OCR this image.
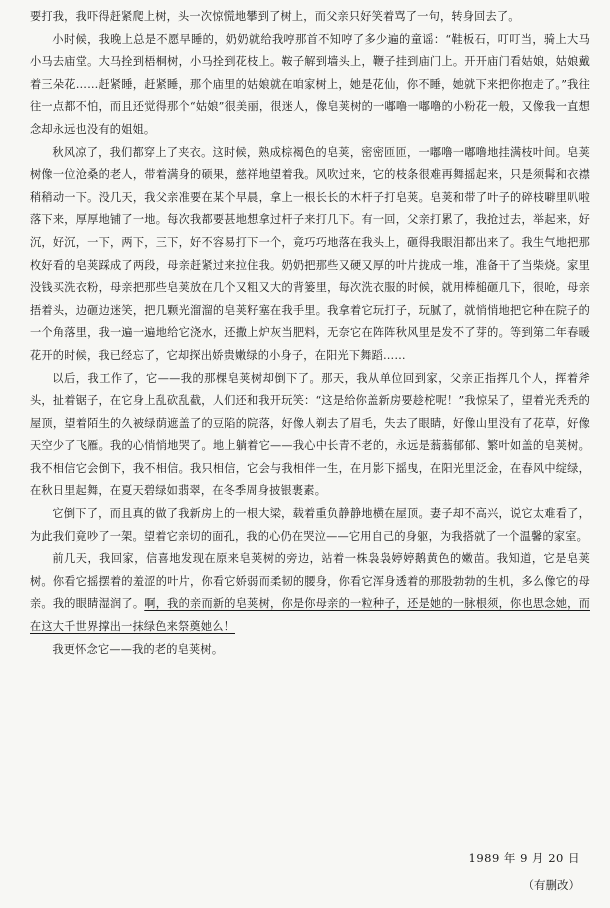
要打我，我吓得赶紧爬上树，头一次惊慌地攀到了树上，而父亲只好笑着骂了一句，转身回去了。

小时候，我晚上总是不愿早睡的，奶奶就给我哼那首不知哼了多少遍的童谣：“鞋板石，叮叮当，骑上大马小马去庙堂。大马拴到梧桐树，小马拴到花枝上。鞍子解到墙头上，鞭子挂到庙门上。开开庙门看姑娘，姑娘戴着三朵花……赶紧睡，赶紧睡，那个庙里的姑娘就在咱家树上，她是花仙，你不睡，她就下来把你抱走了。”我往往一点都不怕，而且还觉得那个“姑娘”很美丽，很迷人，像皂荚树的一嘟噜一嘟噜的小粉花一般，又像我一直想念却永远也没有的姐姐。

秋风凉了，我们都穿上了夹衣。这时候，熟成棕褐色的皂荚，密密匝匝，一嘟噜一嘟噜地挂满枝叶间。皂荚树像一位沧桑的老人，带着满身的硕果，慈祥地望着我。风吹过来，它的枝条很难再舞摇起来，只是须髯和衣襟稍稍动一下。没几天，我父亲准要在某个早晨，拿上一根长长的木杆子打皂荚。皂荚和带了叶子的碎枝噼里叭啦落下来，厚厚地铺了一地。每次我都要甚地想拿过杆子来打几下。有一回，父亲打累了，我抢过去，举起来，好沉，好沉，一下，两下，三下，好不容易打下一个，竟巧巧地落在我头上，砸得我眼泪都出来了。我生气地把那枚好看的皂荚踩成了两段，母亲赶紧过来拉住我。奶奶把那些又硬又厚的叶片拢成一堆，准备干了当柴烧。家里没钱买洗衣粉，母亲把那些皂荚放在几个又粗又大的背篓里，每次洗衣服的时候，就用棒槌砸几下，很呛，母亲捂着头，边砸边迷笑，把几颗光溜溜的皂荚籽塞在我手里。我拿着它玩打子，玩腻了，就悄悄地把它种在院子的一个角落里，我一遍一遍地给它浇水，还撒上炉灰当肥料，无奈它在阵阵秋风里是发不了芽的。等到第二年春暖花开的时候，我已经忘了，它却探出娇贵嫩绿的小身子，在阳光下舞蹈……

以后，我工作了，它——我的那棵皂荚树却倒下了。那天，我从单位回到家，父亲正指挥几个人，挥着斧头，扯着锯子，在它身上乱砍乱截，人们还和我开玩笑：“这是给你盖新房要趁柁呢！”我惊呆了，望着光秃秃的屋顶，望着陌生的久被绿荫遮盖了的豆陷的院落，好像人剃去了眉毛，失去了眼睛，好像山里没有了花草，好像天空少了飞雁。我的心悄悄地哭了。地上躺着它——我心中长青不老的，永远是蓊蓊郁郁、繁叶如盖的皂荚树。我不相信它会倒下，我不相信。我只相信，它会与我相伴一生，在月影下摇曳，在阳光里泛金，在春风中绽绿，在秋日里起舞，在夏天碧绿如翡翠，在冬季周身披银裹素。

它倒下了，而且真的做了我新房上的一根大梁，载着重负静静地横在屋顶。妻子却不高兴，说它太难看了，为此我们竟吵了一架。望着它亲切的面孔，我的心仍在哭泣——它用自己的身躯，为我搭就了一个温馨的家室。

前几天，我回家，信喜地发现在原来皂荚树的旁边，站着一株袅袅婷婷鹅黄色的嫩苗。我知道，它是皂荚树。你看它摇摆着的羞涩的叶片，你看它娇弱而柔韧的腰身，你看它浑身透着的那股勃勃的生机，多么像它的母亲。我的眼睛湿润了。啊，我的亲而新的皂荚树，你是你母亲的一粒种子，还是她的一脉根须，你也思念她，而在这大千世界撑出一抹绿色来祭奠她么！

我更怀念它——我的老的皂荚树。

1989 年 9 月 20 日
（有删改）
